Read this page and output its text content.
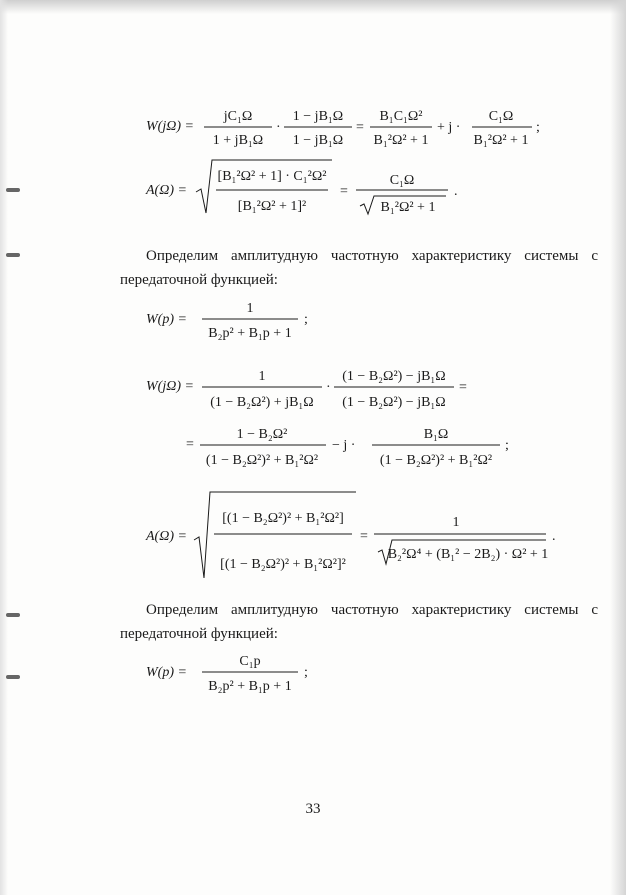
W(jΩ) =
jC₁Ω
1 + jB₁Ω
·
1 − jB₁Ω
1 − jB₁Ω
=
B₁C₁Ω²
B₁²Ω² + 1
+ j ·
C₁Ω
B₁²Ω² + 1
;
A(Ω) =
[B₁²Ω² + 1] · C₁²Ω²
[B₁²Ω² + 1]²
=
C₁Ω
B₁²Ω² + 1
.
Определим амплитудную частотную характеристику системы с передаточной функцией:
W(p) =
1
B₂p² + B₁p + 1
;
W(jΩ) =
1
(1 − B₂Ω²) + jB₁Ω
·
(1 − B₂Ω²) − jB₁Ω
(1 − B₂Ω²) − jB₁Ω
=
=
1 − B₂Ω²
(1 − B₂Ω²)² + B₁²Ω²
− j ·
B₁Ω
(1 − B₂Ω²)² + B₁²Ω²
;
A(Ω) =
[(1 − B₂Ω²)² + B₁²Ω²]
[(1 − B₂Ω²)² + B₁²Ω²]²
=
1
B₂²Ω⁴ + (B₁² − 2B₂) · Ω² + 1
.
Определим амплитудную частотную характеристику системы с передаточной функцией:
W(p) =
C₁p
B₂p² + B₁p + 1
;
33
